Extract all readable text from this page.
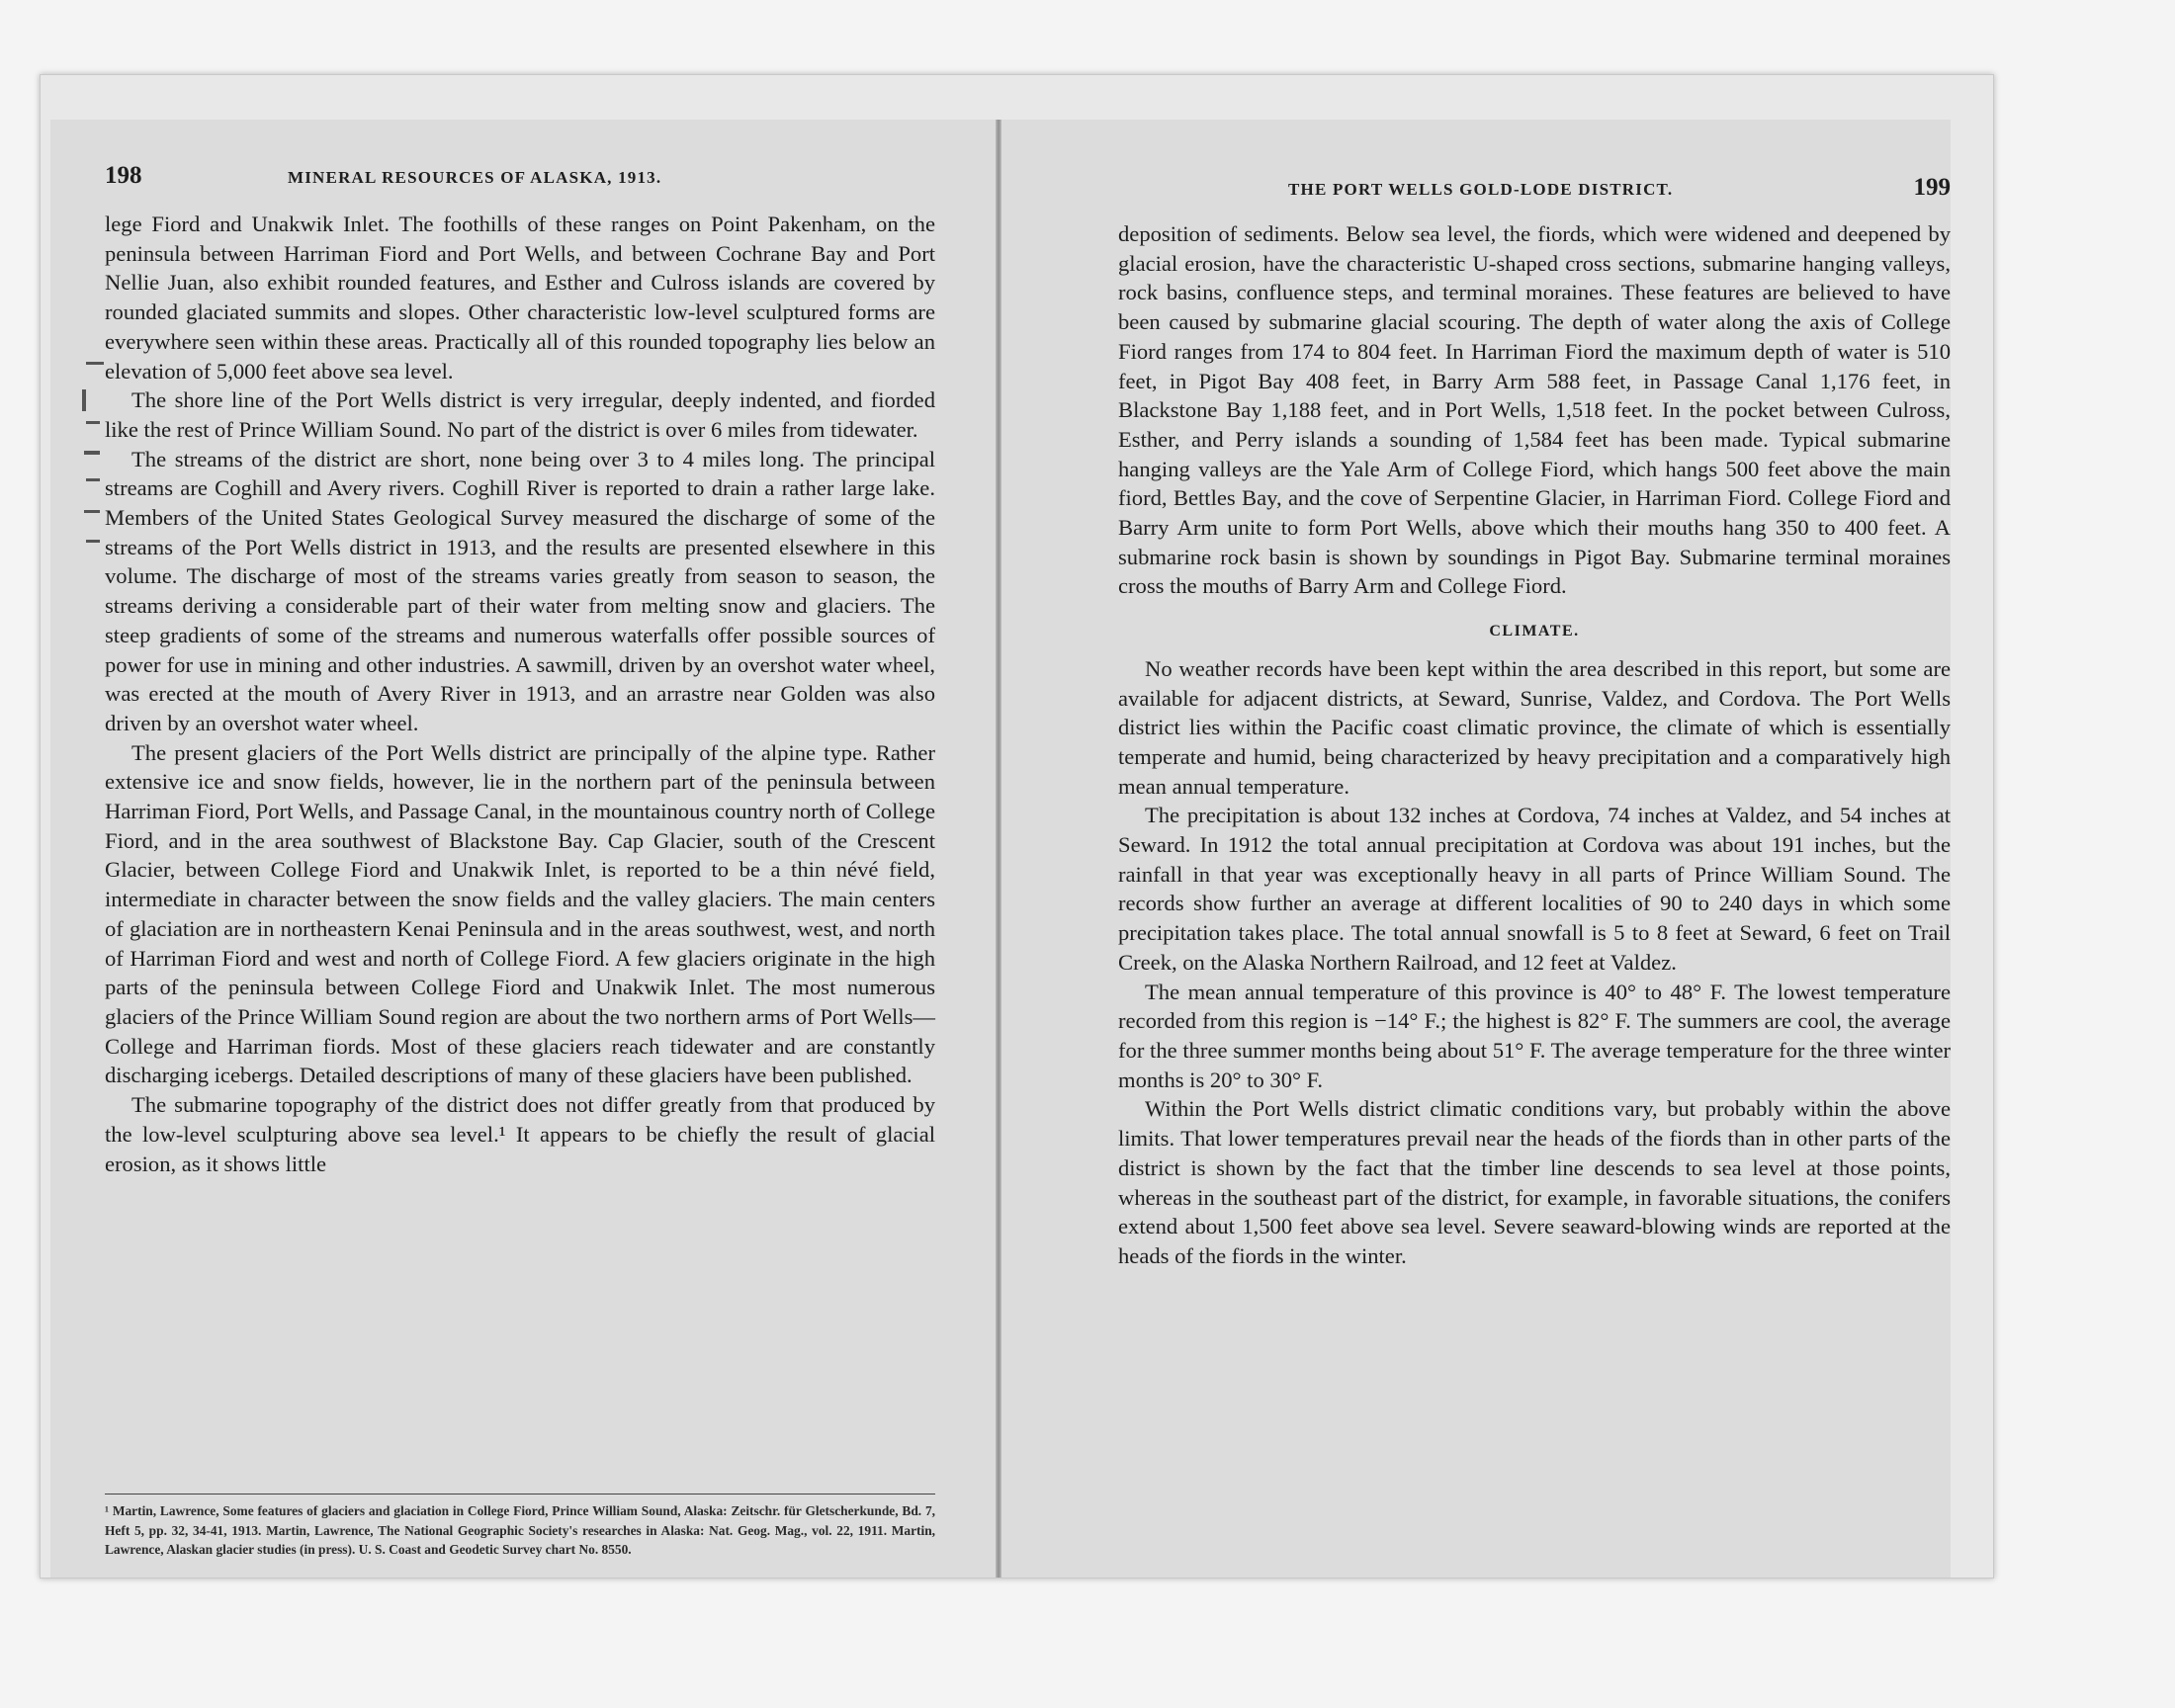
198	MINERAL RESOURCES OF ALASKA, 1913.

lege Fiord and Unakwik Inlet. The foothills of these ranges on Point Pakenham, on the peninsula between Harriman Fiord and Port Wells, and between Cochrane Bay and Port Nellie Juan, also exhibit rounded features, and Esther and Culross islands are covered by rounded glaciated summits and slopes. Other characteristic low-level sculptured forms are everywhere seen within these areas. Practically all of this rounded topography lies below an elevation of 5,000 feet above sea level.

The shore line of the Port Wells district is very irregular, deeply indented, and fiorded like the rest of Prince William Sound. No part of the district is over 6 miles from tidewater.

The streams of the district are short, none being over 3 to 4 miles long. The principal streams are Coghill and Avery rivers. Coghill River is reported to drain a rather large lake. Members of the United States Geological Survey measured the discharge of some of the streams of the Port Wells district in 1913, and the results are presented elsewhere in this volume. The discharge of most of the streams varies greatly from season to season, the streams deriving a considerable part of their water from melting snow and glaciers. The steep gradients of some of the streams and numerous waterfalls offer possible sources of power for use in mining and other industries. A sawmill, driven by an overshot water wheel, was erected at the mouth of Avery River in 1913, and an arrastre near Golden was also driven by an overshot water wheel.

The present glaciers of the Port Wells district are principally of the alpine type. Rather extensive ice and snow fields, however, lie in the northern part of the peninsula between Harriman Fiord, Port Wells, and Passage Canal, in the mountainous country north of College Fiord, and in the area southwest of Blackstone Bay. Cap Glacier, south of the Crescent Glacier, between College Fiord and Unakwik Inlet, is reported to be a thin névé field, intermediate in character between the snow fields and the valley glaciers. The main centers of glaciation are in northeastern Kenai Peninsula and in the areas southwest, west, and north of Harriman Fiord and west and north of College Fiord. A few glaciers originate in the high parts of the peninsula between College Fiord and Unakwik Inlet. The most numerous glaciers of the Prince William Sound region are about the two northern arms of Port Wells—College and Harriman fiords. Most of these glaciers reach tidewater and are constantly discharging icebergs. Detailed descriptions of many of these glaciers have been published.

The submarine topography of the district does not differ greatly from that produced by the low-level sculpturing above sea level.¹ It appears to be chiefly the result of glacial erosion, as it shows little

¹ Martin, Lawrence, Some features of glaciers and glaciation in College Fiord, Prince William Sound, Alaska: Zeitschr. für Gletscherkunde, Bd. 7, Heft 5, pp. 32, 34-41, 1913. Martin, Lawrence, The National Geographic Society's researches in Alaska: Nat. Geog. Mag., vol. 22, 1911. Martin, Lawrence, Alaskan glacier studies (in press). U. S. Coast and Geodetic Survey chart No. 8550.
THE PORT WELLS GOLD-LODE DISTRICT.	199

deposition of sediments. Below sea level, the fiords, which were widened and deepened by glacial erosion, have the characteristic U-shaped cross sections, submarine hanging valleys, rock basins, confluence steps, and terminal moraines. These features are believed to have been caused by submarine glacial scouring. The depth of water along the axis of College Fiord ranges from 174 to 804 feet. In Harriman Fiord the maximum depth of water is 510 feet, in Pigot Bay 408 feet, in Barry Arm 588 feet, in Passage Canal 1,176 feet, in Blackstone Bay 1,188 feet, and in Port Wells, 1,518 feet. In the pocket between Culross, Esther, and Perry islands a sounding of 1,584 feet has been made. Typical submarine hanging valleys are the Yale Arm of College Fiord, which hangs 500 feet above the main fiord, Bettles Bay, and the cove of Serpentine Glacier, in Harriman Fiord. College Fiord and Barry Arm unite to form Port Wells, above which their mouths hang 350 to 400 feet. A submarine rock basin is shown by soundings in Pigot Bay. Submarine terminal moraines cross the mouths of Barry Arm and College Fiord.

CLIMATE.

No weather records have been kept within the area described in this report, but some are available for adjacent districts, at Seward, Sunrise, Valdez, and Cordova. The Port Wells district lies within the Pacific coast climatic province, the climate of which is essentially temperate and humid, being characterized by heavy precipitation and a comparatively high mean annual temperature.

The precipitation is about 132 inches at Cordova, 74 inches at Valdez, and 54 inches at Seward. In 1912 the total annual precipitation at Cordova was about 191 inches, but the rainfall in that year was exceptionally heavy in all parts of Prince William Sound. The records show further an average at different localities of 90 to 240 days in which some precipitation takes place. The total annual snowfall is 5 to 8 feet at Seward, 6 feet on Trail Creek, on the Alaska Northern Railroad, and 12 feet at Valdez.

The mean annual temperature of this province is 40° to 48° F. The lowest temperature recorded from this region is −14° F.; the highest is 82° F. The summers are cool, the average for the three summer months being about 51° F. The average temperature for the three winter months is 20° to 30° F.

Within the Port Wells district climatic conditions vary, but probably within the above limits. That lower temperatures prevail near the heads of the fiords than in other parts of the district is shown by the fact that the timber line descends to sea level at those points, whereas in the southeast part of the district, for example, in favorable situations, the conifers extend about 1,500 feet above sea level. Severe seaward-blowing winds are reported at the heads of the fiords in the winter.
